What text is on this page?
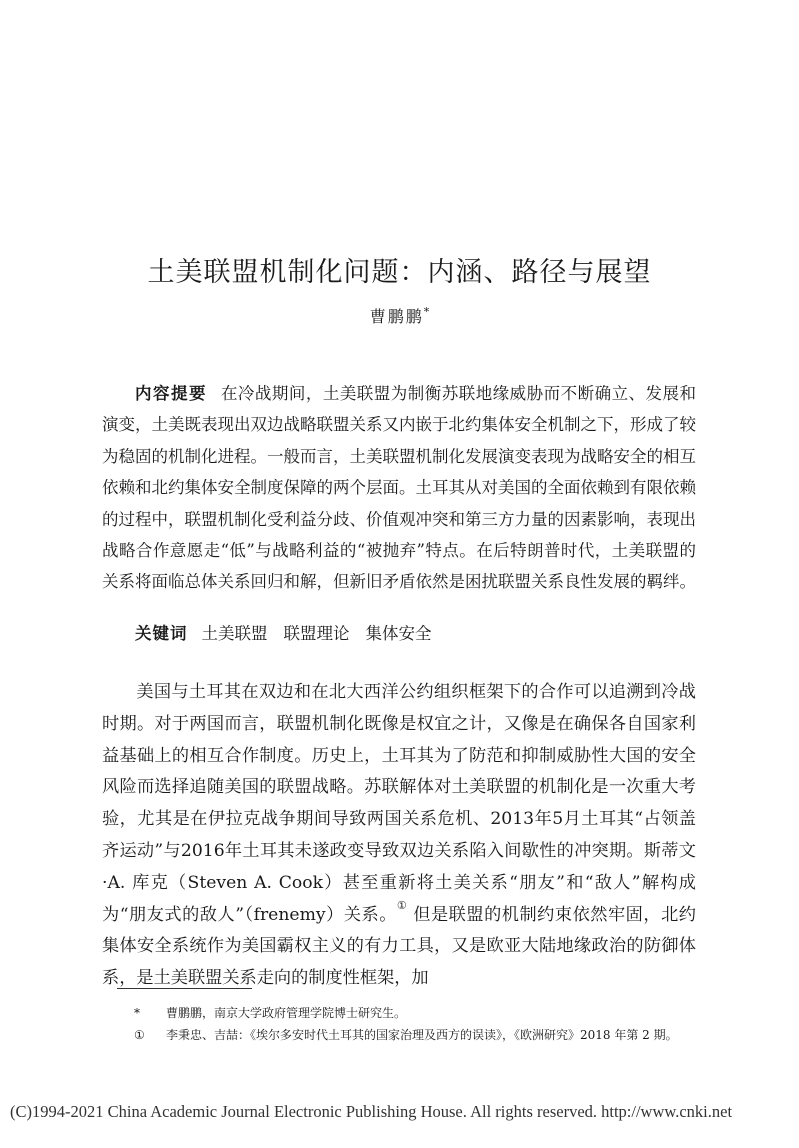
土美联盟机制化问题：内涵、路径与展望
曹鹏鹏*

内容提要 在冷战期间，土美联盟为制衡苏联地缘威胁而不断确立、发展和演变，土美既表现出双边战略联盟关系又内嵌于北约集体安全机制之下，形成了较为稳固的机制化进程。一般而言，土美联盟机制化发展演变表现为战略安全的相互依赖和北约集体安全制度保障的两个层面。土耳其从对美国的全面依赖到有限依赖的过程中，联盟机制化受利益分歧、价值观冲突和第三方力量的因素影响，表现出战略合作意愿走“低”与战略利益的“被抛弃”特点。在后特朗普时代，土美联盟的关系将面临总体关系回归和解，但新旧矛盾依然是困扰联盟关系良性发展的羁绊。

关键词 土美联盟 联盟理论 集体安全

美国与土耳其在双边和在北大西洋公约组织框架下的合作可以追溯到冷战时期。对于两国而言，联盟机制化既像是权宜之计，又像是在确保各自国家利益基础上的相互合作制度。历史上，土耳其为了防范和抑制威胁性大国的安全风险而选择追随美国的联盟战略。苏联解体对土美联盟的机制化是一次重大考验，尤其是在伊拉克战争期间导致两国关系危机、2013年5月土耳其“占领盖齐运动”与2016年土耳其未遂政变导致双边关系陷入间歇性的冲突期。斯蒂文·A. 库克（Steven A. Cook）甚至重新将土美关系“朋友”和“敌人”解构成为“朋友式的敌人”（frenemy）关系。① 但是联盟的机制约束依然牢固，北约集体安全系统作为美国霸权主义的有力工具，又是欧亚大陆地缘政治的防御体系，是土美联盟关系走向的制度性框架，加

* 曹鹏鹏，南京大学政府管理学院博士研究生。

① 李秉忠、吉喆：《埃尔多安时代土耳其的国家治理及西方的误读》，《欧洲研究》2018 年第 2 期。

(C)1994-2021 China Academic Journal Electronic Publishing House. All rights reserved. http://www.cnki.net
